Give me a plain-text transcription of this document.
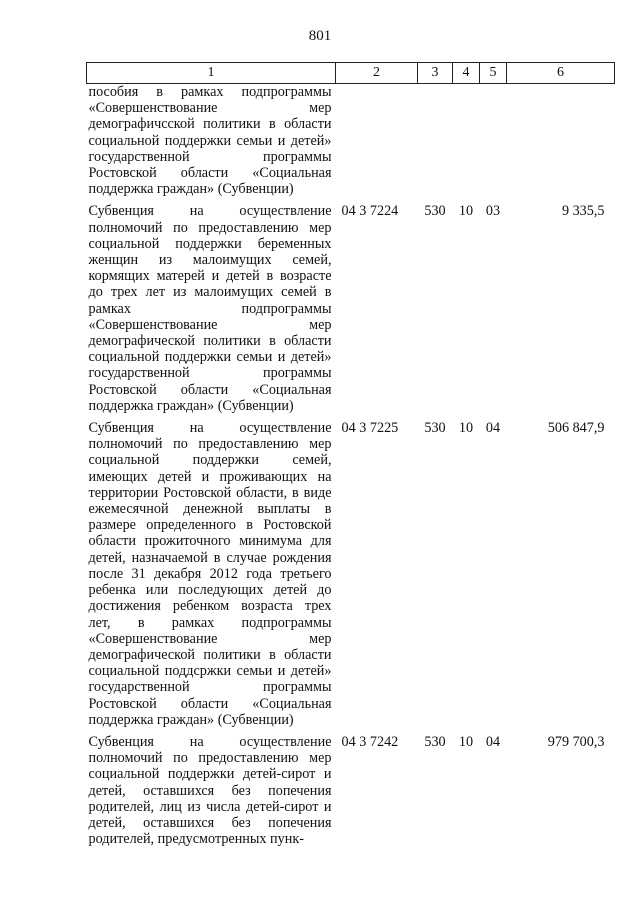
801
1	2	3	4	5	6
пособия в рамках подпрограммы «Совершенствование мер демографичсской политики в области социальной поддержки семьи и детей» государственной программы Ростовской области «Социальная поддержка граждан» (Субвенции)					
Субвенция на осуществление полномочий по предоставлению мер социальной поддержки беременных женщин из малоимущих семей, кормящих матерей и детей в возрасте до трех лет из малоимущих семей в рамках подпрограммы «Совершенствование мер демографической политики в области социальной поддержки семьи и детей» государственной программы Ростовской области «Социальная поддержка граждан» (Субвенции)	04 3 7224	530	10	03	9 335,5
Субвенция на осуществление полномочий по предоставлению мер социальной поддержки семей, имеющих детей и проживающих на территории Ростовской области, в виде ежемесячной денежной выплаты в размере определенного в Ростовской области прожиточного минимума для детей, назначаемой в случае рождения после 31 декабря 2012 года третьего ребенка или последующих детей до достижения ребенком возраста трех лет, в рамках подпрограммы «Совершенствование мер демографической политики в области социальной поддсржки семьи и детей» государственной программы Ростовской области «Социальная поддержка граждан» (Субвенции)	04 3 7225	530	10	04	506 847,9
Субвенция на осуществление полномочий по предоставлению мер социальной поддержки детей-сирот и детей, оставшихся без попечения родителей, лиц из числа детей-сирот и детей, оставшихся без попечения родителей, предусмотренных пунк-	04 3 7242	530	10	04	979 700,3
